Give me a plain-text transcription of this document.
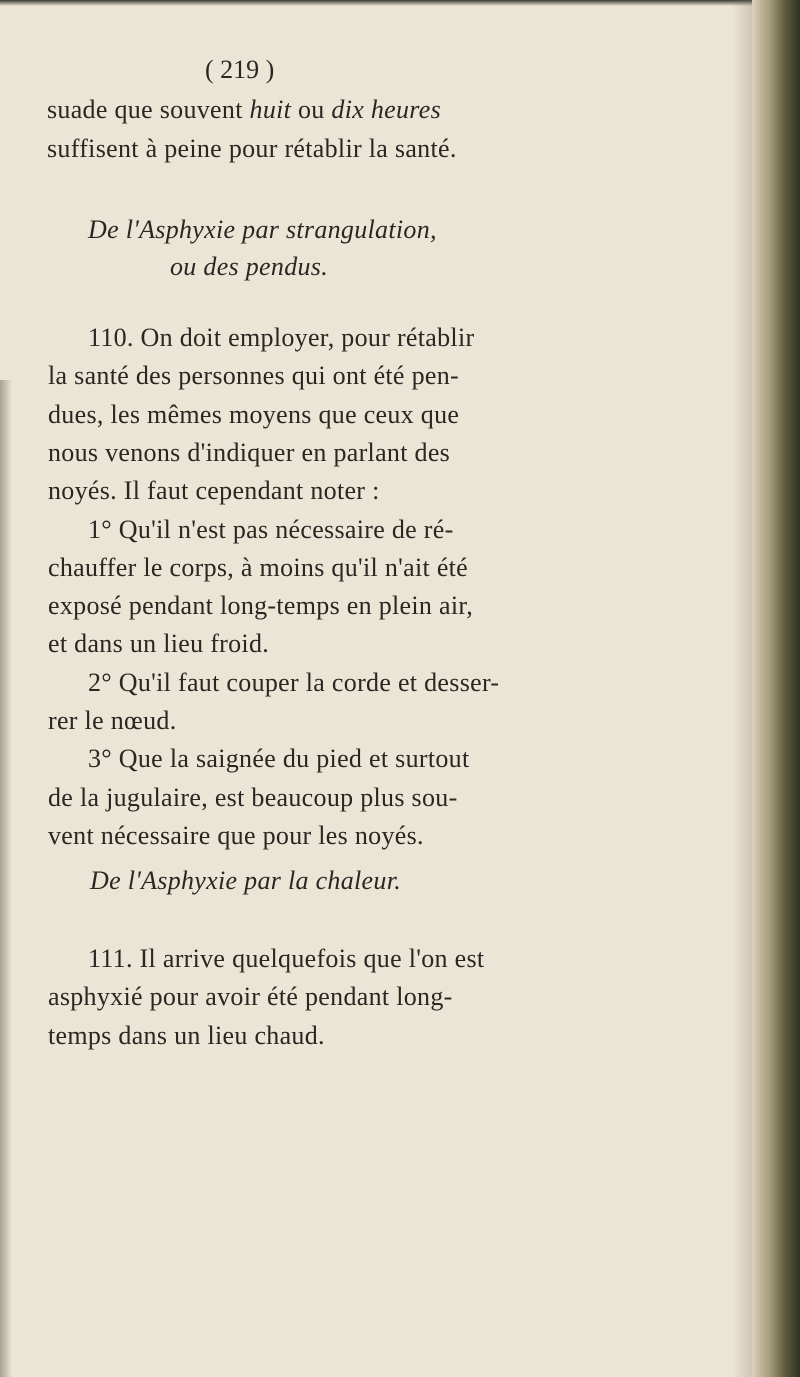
( 219 )
suade que souvent huit ou dix heures
suffisent à peine pour rétablir la santé.
De l'Asphyxie par strangulation,
ou des pendus.
110. On doit employer, pour rétablir
la santé des personnes qui ont été pen-
dues, les mêmes moyens que ceux que
nous venons d'indiquer en parlant des
noyés. Il faut cependant noter :
1° Qu'il n'est pas nécessaire de ré-
chauffer le corps, à moins qu'il n'ait été
exposé pendant long-temps en plein air,
et dans un lieu froid.
2° Qu'il faut couper la corde et desser-
rer le nœud.
3° Que la saignée du pied et surtout
de la jugulaire, est beaucoup plus sou-
vent nécessaire que pour les noyés.
De l'Asphyxie par la chaleur.
111. Il arrive quelquefois que l'on est
asphyxié pour avoir été pendant long-
temps dans un lieu chaud.
